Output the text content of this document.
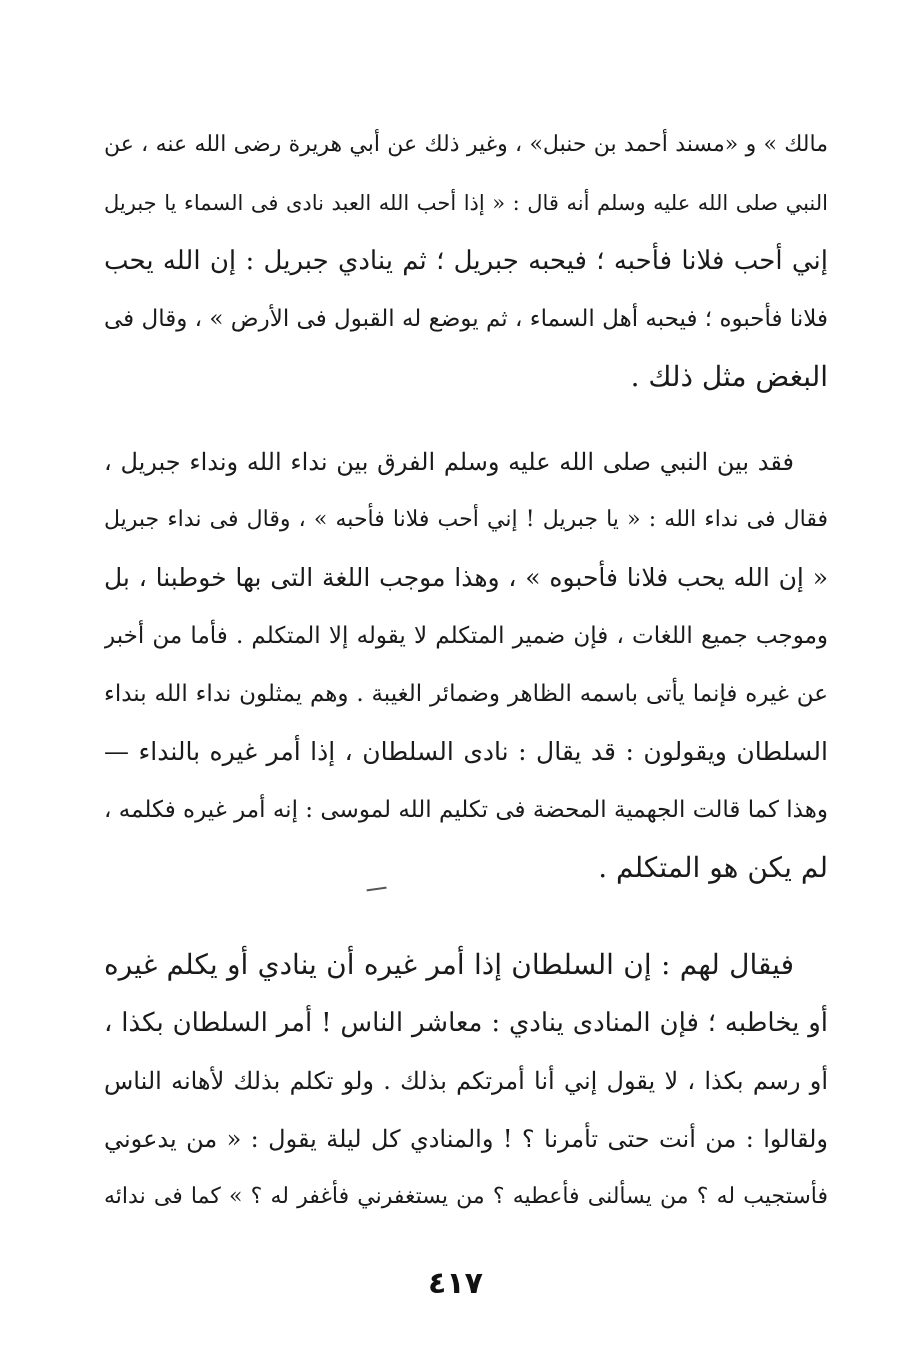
مالك » و «مسند أحمد بن حنبل» ، وغير ذلك عن أبي هريرة رضى الله عنه ، عن
النبي صلى الله عليه وسلم أنه قال : « إذا أحب الله العبد نادى فى السماء يا جبريل
إني أحب فلانا فأحبه ؛ فيحبه جبريل ؛ ثم ينادي جبريل : إن الله يحب
فلانا فأحبوه ؛ فيحبه أهل السماء ، ثم يوضع له القبول فى الأرض » ، وقال فى
البغض مثل ذلك .
فقد بين النبي صلى الله عليه وسلم الفرق بين نداء الله ونداء جبريل ،
فقال فى نداء الله : « يا جبريل ! إني أحب فلانا فأحبه » ، وقال فى نداء جبريل
« إن الله يحب فلانا فأحبوه » ، وهذا موجب اللغة التى بها خوطبنا ، بل
وموجب جميع اللغات ، فإن ضمير المتكلم لا يقوله إلا المتكلم . فأما من أخبر
عن غيره فإنما يأتى باسمه الظاهر وضمائر الغيبة . وهم يمثلون نداء الله بنداء
السلطان ويقولون : قد يقال : نادى السلطان ، إذا أمر غيره بالنداء —
وهذا كما قالت الجهمية المحضة فى تكليم الله لموسى : إنه أمر غيره فكلمه ،
لم يكن هو المتكلم .
فيقال لهم : إن السلطان إذا أمر غيره أن ينادي أو يكلم غيره
أو يخاطبه ؛ فإن المنادى ينادي : معاشر الناس ! أمر السلطان بكذا ،
أو رسم بكذا ، لا يقول إني أنا أمرتكم بذلك . ولو تكلم بذلك لأهانه الناس
ولقالوا : من أنت حتى تأمرنا ؟ ! والمنادي كل ليلة يقول : « من يدعوني
فأستجيب له ؟ من يسألنى فأعطيه ؟ من يستغفرني فأغفر له ؟ » كما فى ندائه
٤١٧
